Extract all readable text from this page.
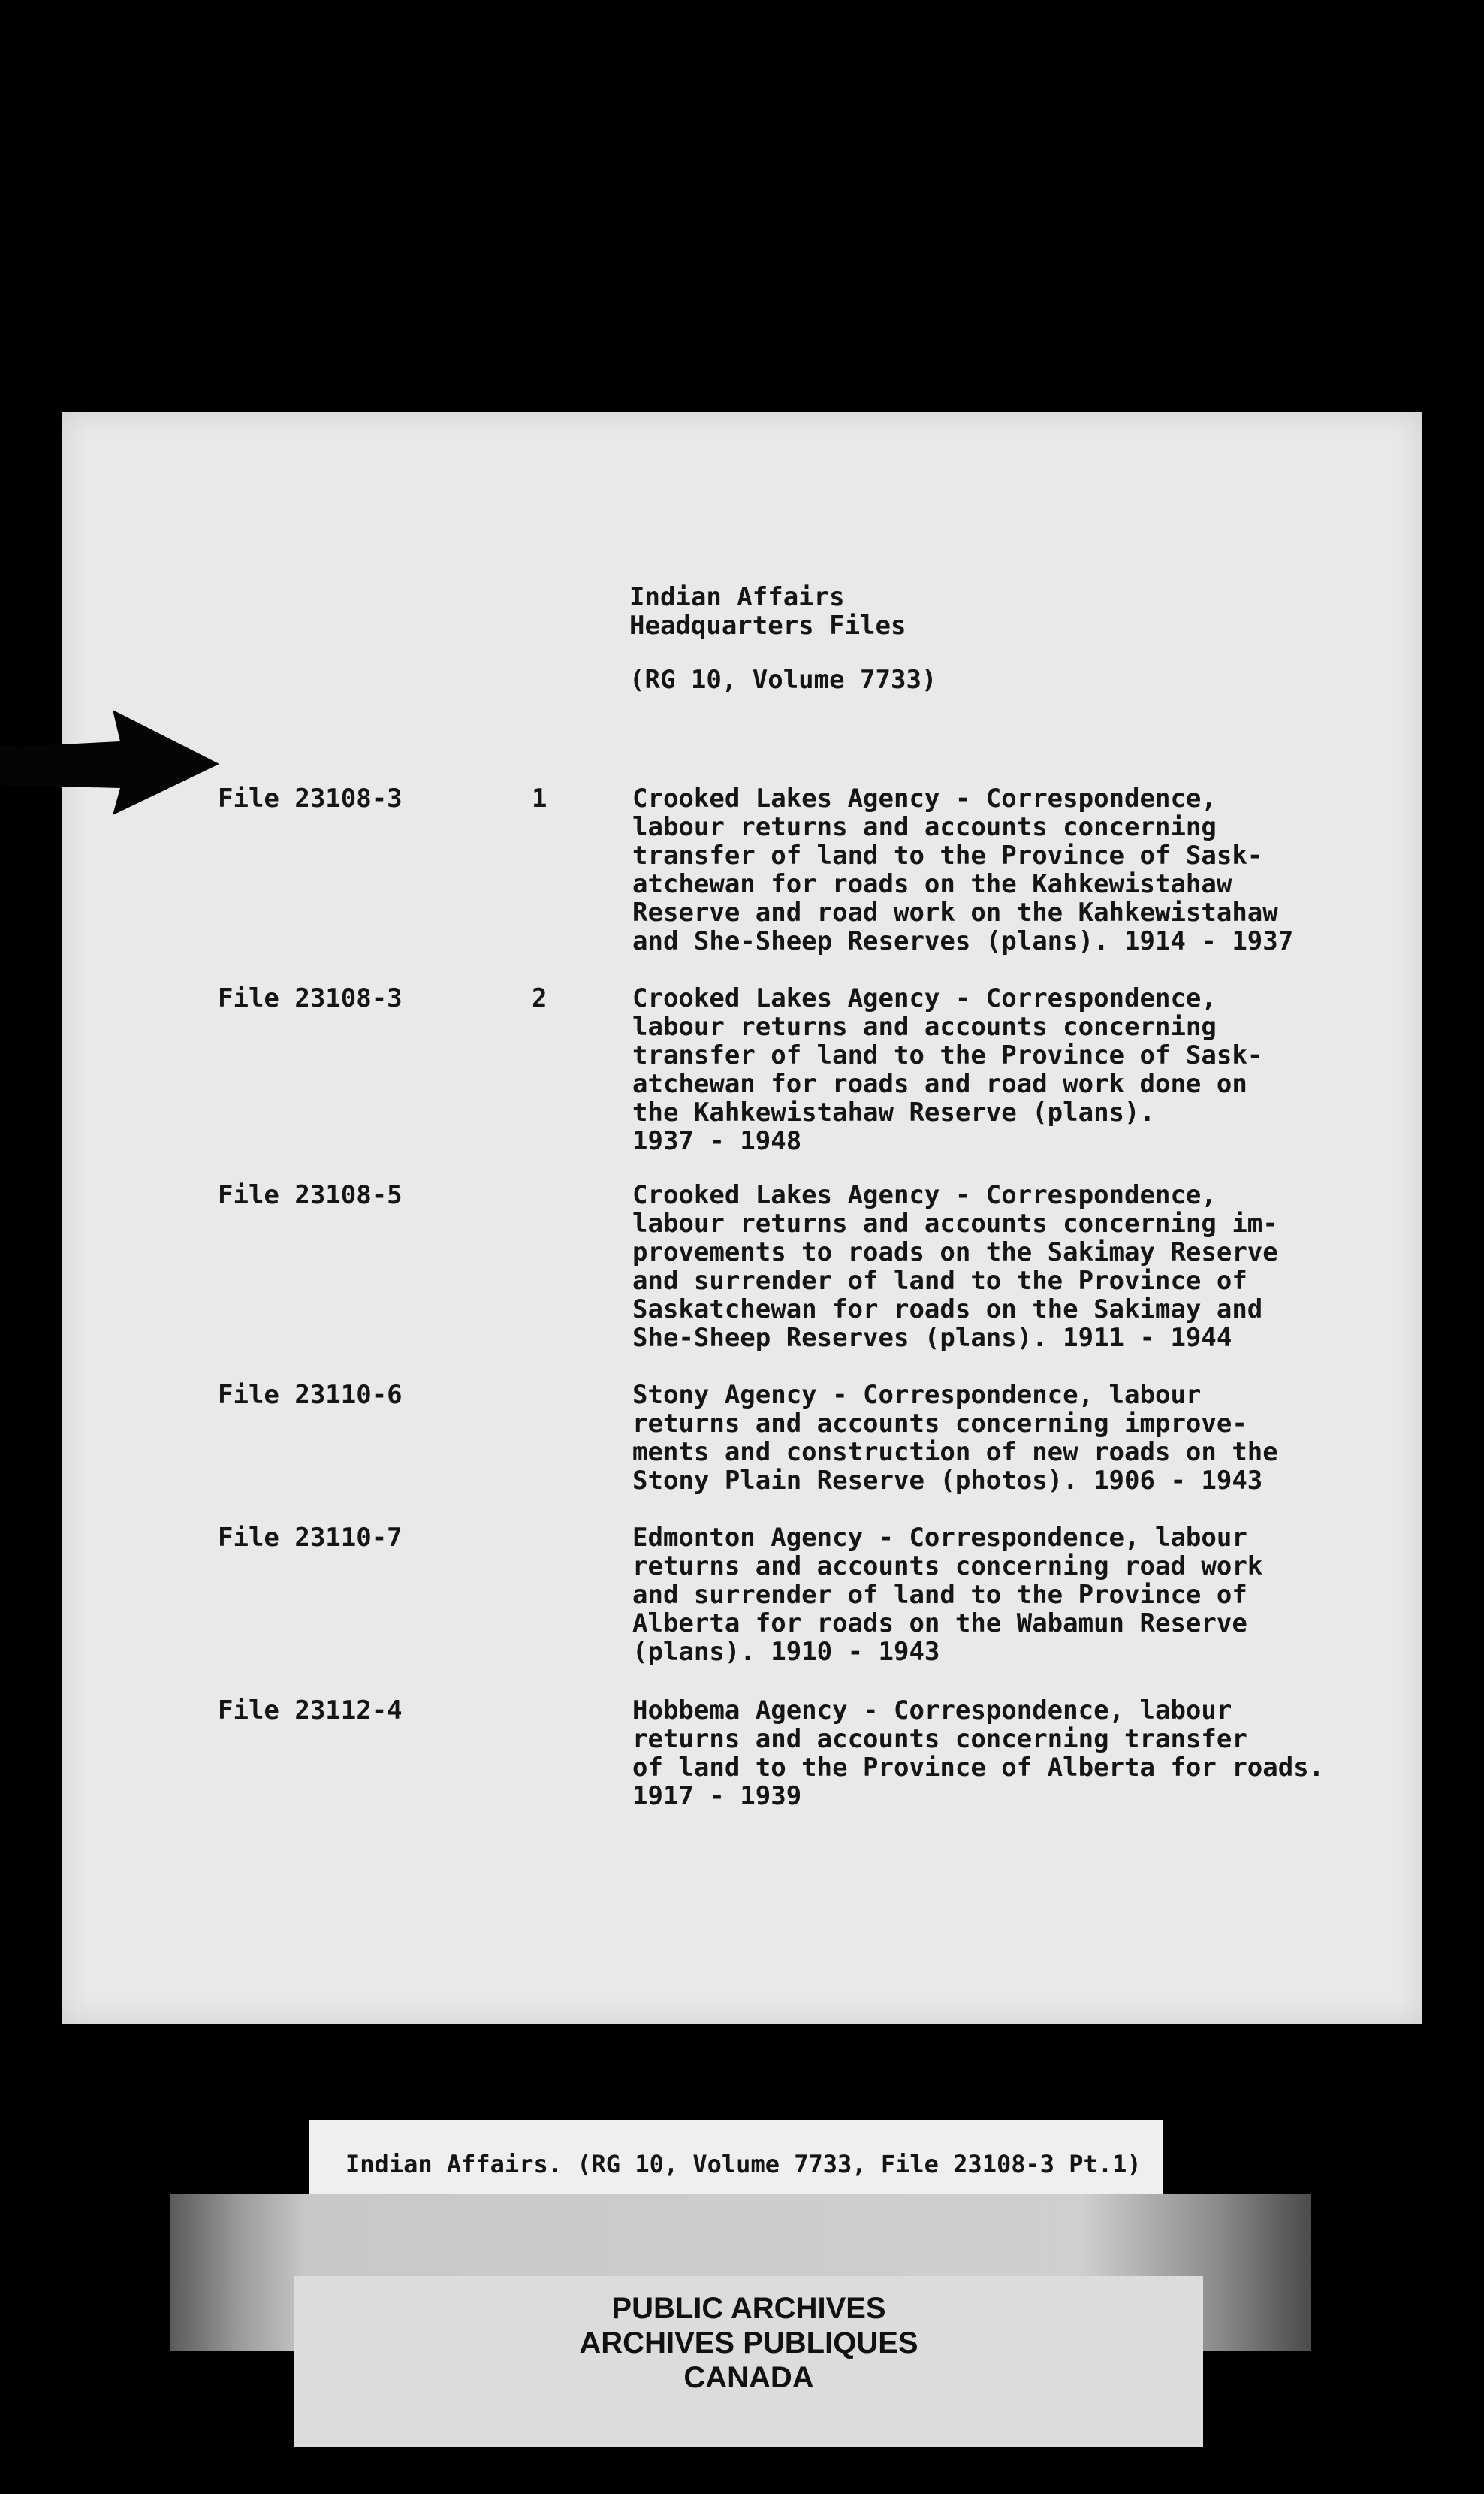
Indian Affairs
Headquarters Files
(RG 10, Volume 7733)
File 23108-3	1	Crooked Lakes Agency - Correspondence,
labour returns and accounts concerning
transfer of land to the Province of Sask-
atchewan for roads on the Kahkewistahaw
Reserve and road work on the Kahkewistahaw
and She-Sheep Reserves (plans). 1914 - 1937
File 23108-3	2	Crooked Lakes Agency - Correspondence,
labour returns and accounts concerning
transfer of land to the Province of Sask-
atchewan for roads and road work done on
the Kahkewistahaw Reserve (plans).
1937 - 1948
File 23108-5	Crooked Lakes Agency - Correspondence,
labour returns and accounts concerning im-
provements to roads on the Sakimay Reserve
and surrender of land to the Province of
Saskatchewan for roads on the Sakimay and
She-Sheep Reserves (plans). 1911 - 1944
File 23110-6	Stony Agency - Correspondence, labour
returns and accounts concerning improve-
ments and construction of new roads on the
Stony Plain Reserve (photos). 1906 - 1943
File 23110-7	Edmonton Agency - Correspondence, labour
returns and accounts concerning road work
and surrender of land to the Province of
Alberta for roads on the Wabamun Reserve
(plans). 1910 - 1943
File 23112-4	Hobbema Agency - Correspondence, labour
returns and accounts concerning transfer
of land to the Province of Alberta for roads.
1917 - 1939
Indian Affairs. (RG 10, Volume 7733, File 23108-3 Pt.1)
PUBLIC ARCHIVES
ARCHIVES PUBLIQUES
CANADA
